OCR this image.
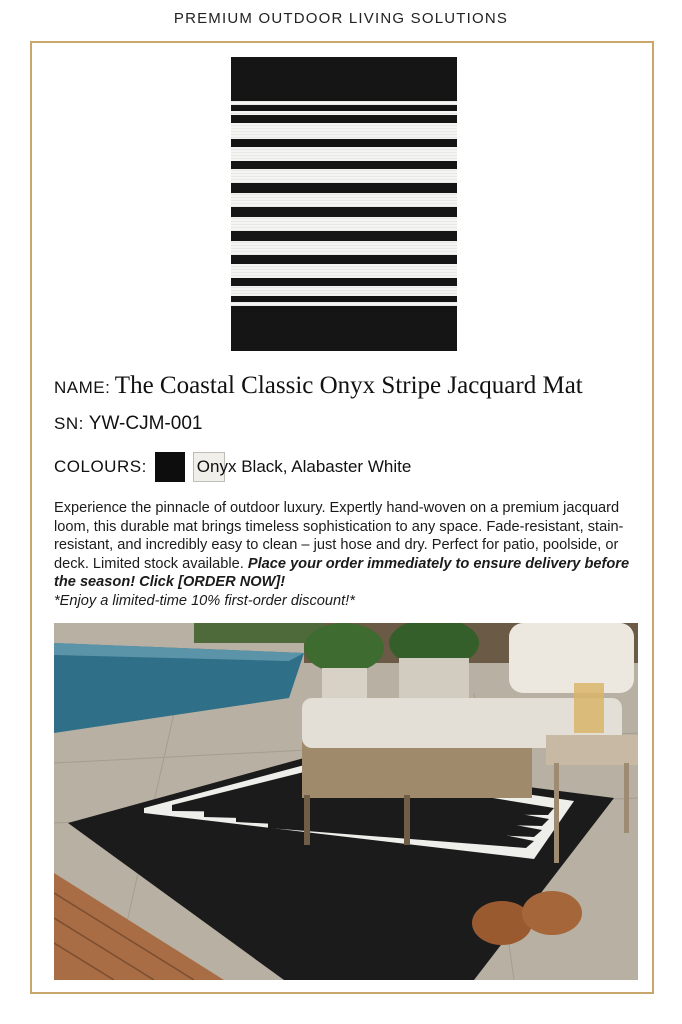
PREMIUM OUTDOOR LIVING SOLUTIONS
NAME: The Coastal Classic Onyx Stripe Jacquard Mat
SN: YW-CJM-001
COLOURS:	Onyx Black, Alabaster White
Experience the pinnacle of outdoor luxury. Expertly hand-woven on a premium jacquard loom, this durable mat brings timeless sophistication to any space. Fade-resistant, stain-resistant, and incredibly easy to clean – just hose and dry. Perfect for patio, poolside, or deck. Limited stock available. Place your order immediately to ensure delivery before the season! Click [ORDER NOW]!
*Enjoy a limited-time 10% first-order discount!*
